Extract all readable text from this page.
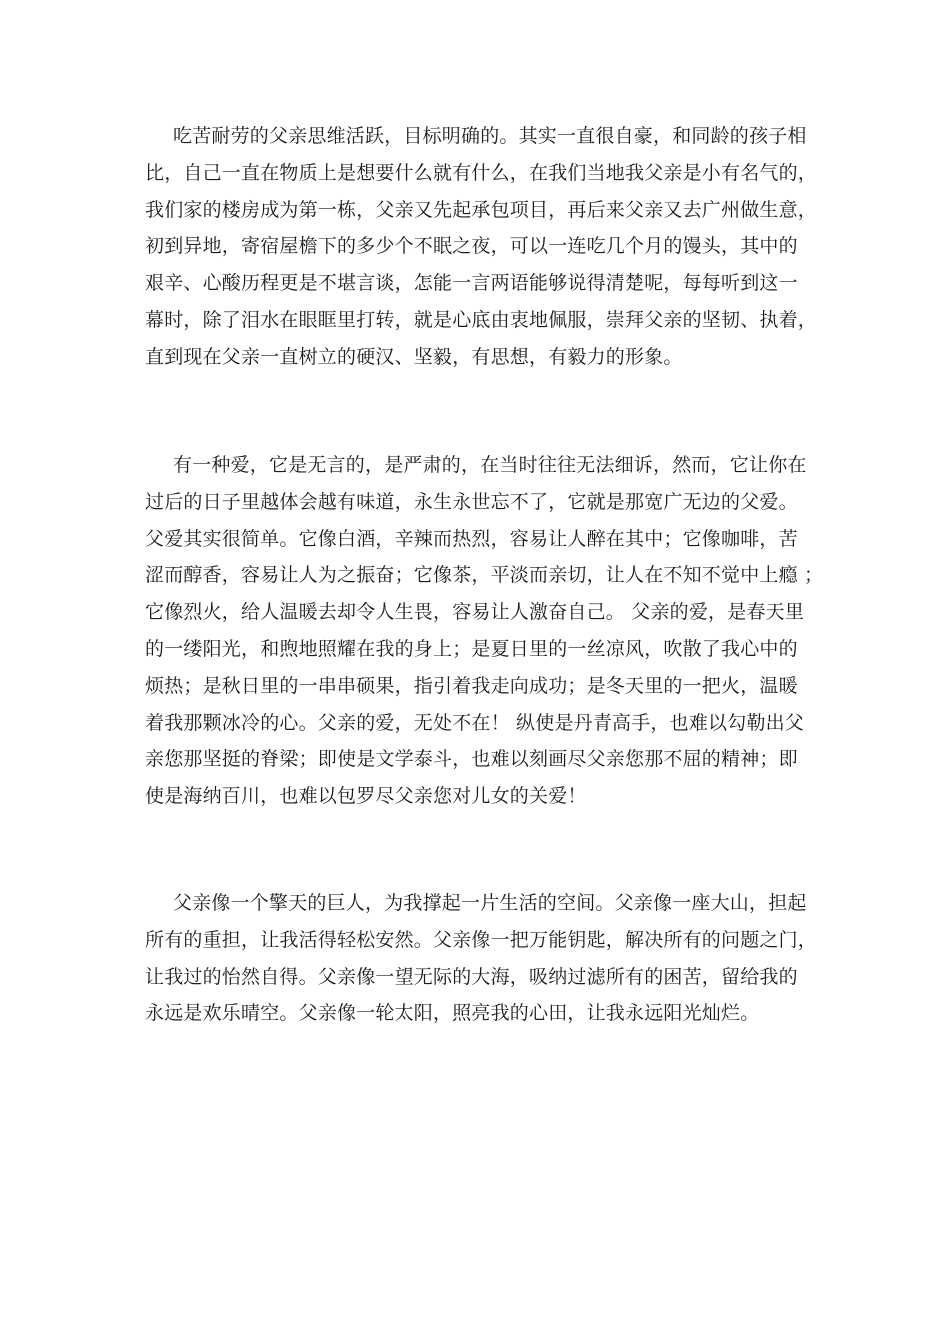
吃苦耐劳的父亲思维活跃，目标明确的。其实一直很自豪，和同龄的孩子相
比，自己一直在物质上是想要什么就有什么，在我们当地我父亲是小有名气的，
我们家的楼房成为第一栋，父亲又先起承包项目，再后来父亲又去广州做生意，
初到异地，寄宿屋檐下的多少个不眠之夜，可以一连吃几个月的馒头，其中的
艰辛、心酸历程更是不堪言谈，怎能一言两语能够说得清楚呢，每每听到这一
幕时，除了泪水在眼眶里打转，就是心底由衷地佩服，崇拜父亲的坚韧、执着，
直到现在父亲一直树立的硬汉、坚毅，有思想，有毅力的形象。
有一种爱，它是无言的，是严肃的，在当时往往无法细诉，然而，它让你在
过后的日子里越体会越有味道，永生永世忘不了，它就是那宽广无边的父爱。
父爱其实很简单。它像白酒，辛辣而热烈，容易让人醉在其中；它像咖啡，苦
涩而醇香，容易让人为之振奋；它像茶，平淡而亲切，让人在不知不觉中上瘾 ；
它像烈火，给人温暖去却令人生畏，容易让人激奋自己。 父亲的爱，是春天里
的一缕阳光，和煦地照耀在我的身上；是夏日里的一丝凉风，吹散了我心中的
烦热；是秋日里的一串串硕果，指引着我走向成功；是冬天里的一把火，温暖
着我那颗冰冷的心。父亲的爱，无处不在！ 纵使是丹青高手，也难以勾勒出父
亲您那坚挺的脊梁；即使是文学泰斗，也难以刻画尽父亲您那不屈的精神；即
使是海纳百川，也难以包罗尽父亲您对儿女的关爱！
父亲像一个擎天的巨人，为我撑起一片生活的空间。父亲像一座大山，担起
所有的重担，让我活得轻松安然。父亲像一把万能钥匙，解决所有的问题之门，
让我过的怡然自得。父亲像一望无际的大海，吸纳过滤所有的困苦，留给我的
永远是欢乐晴空。父亲像一轮太阳，照亮我的心田，让我永远阳光灿烂。
